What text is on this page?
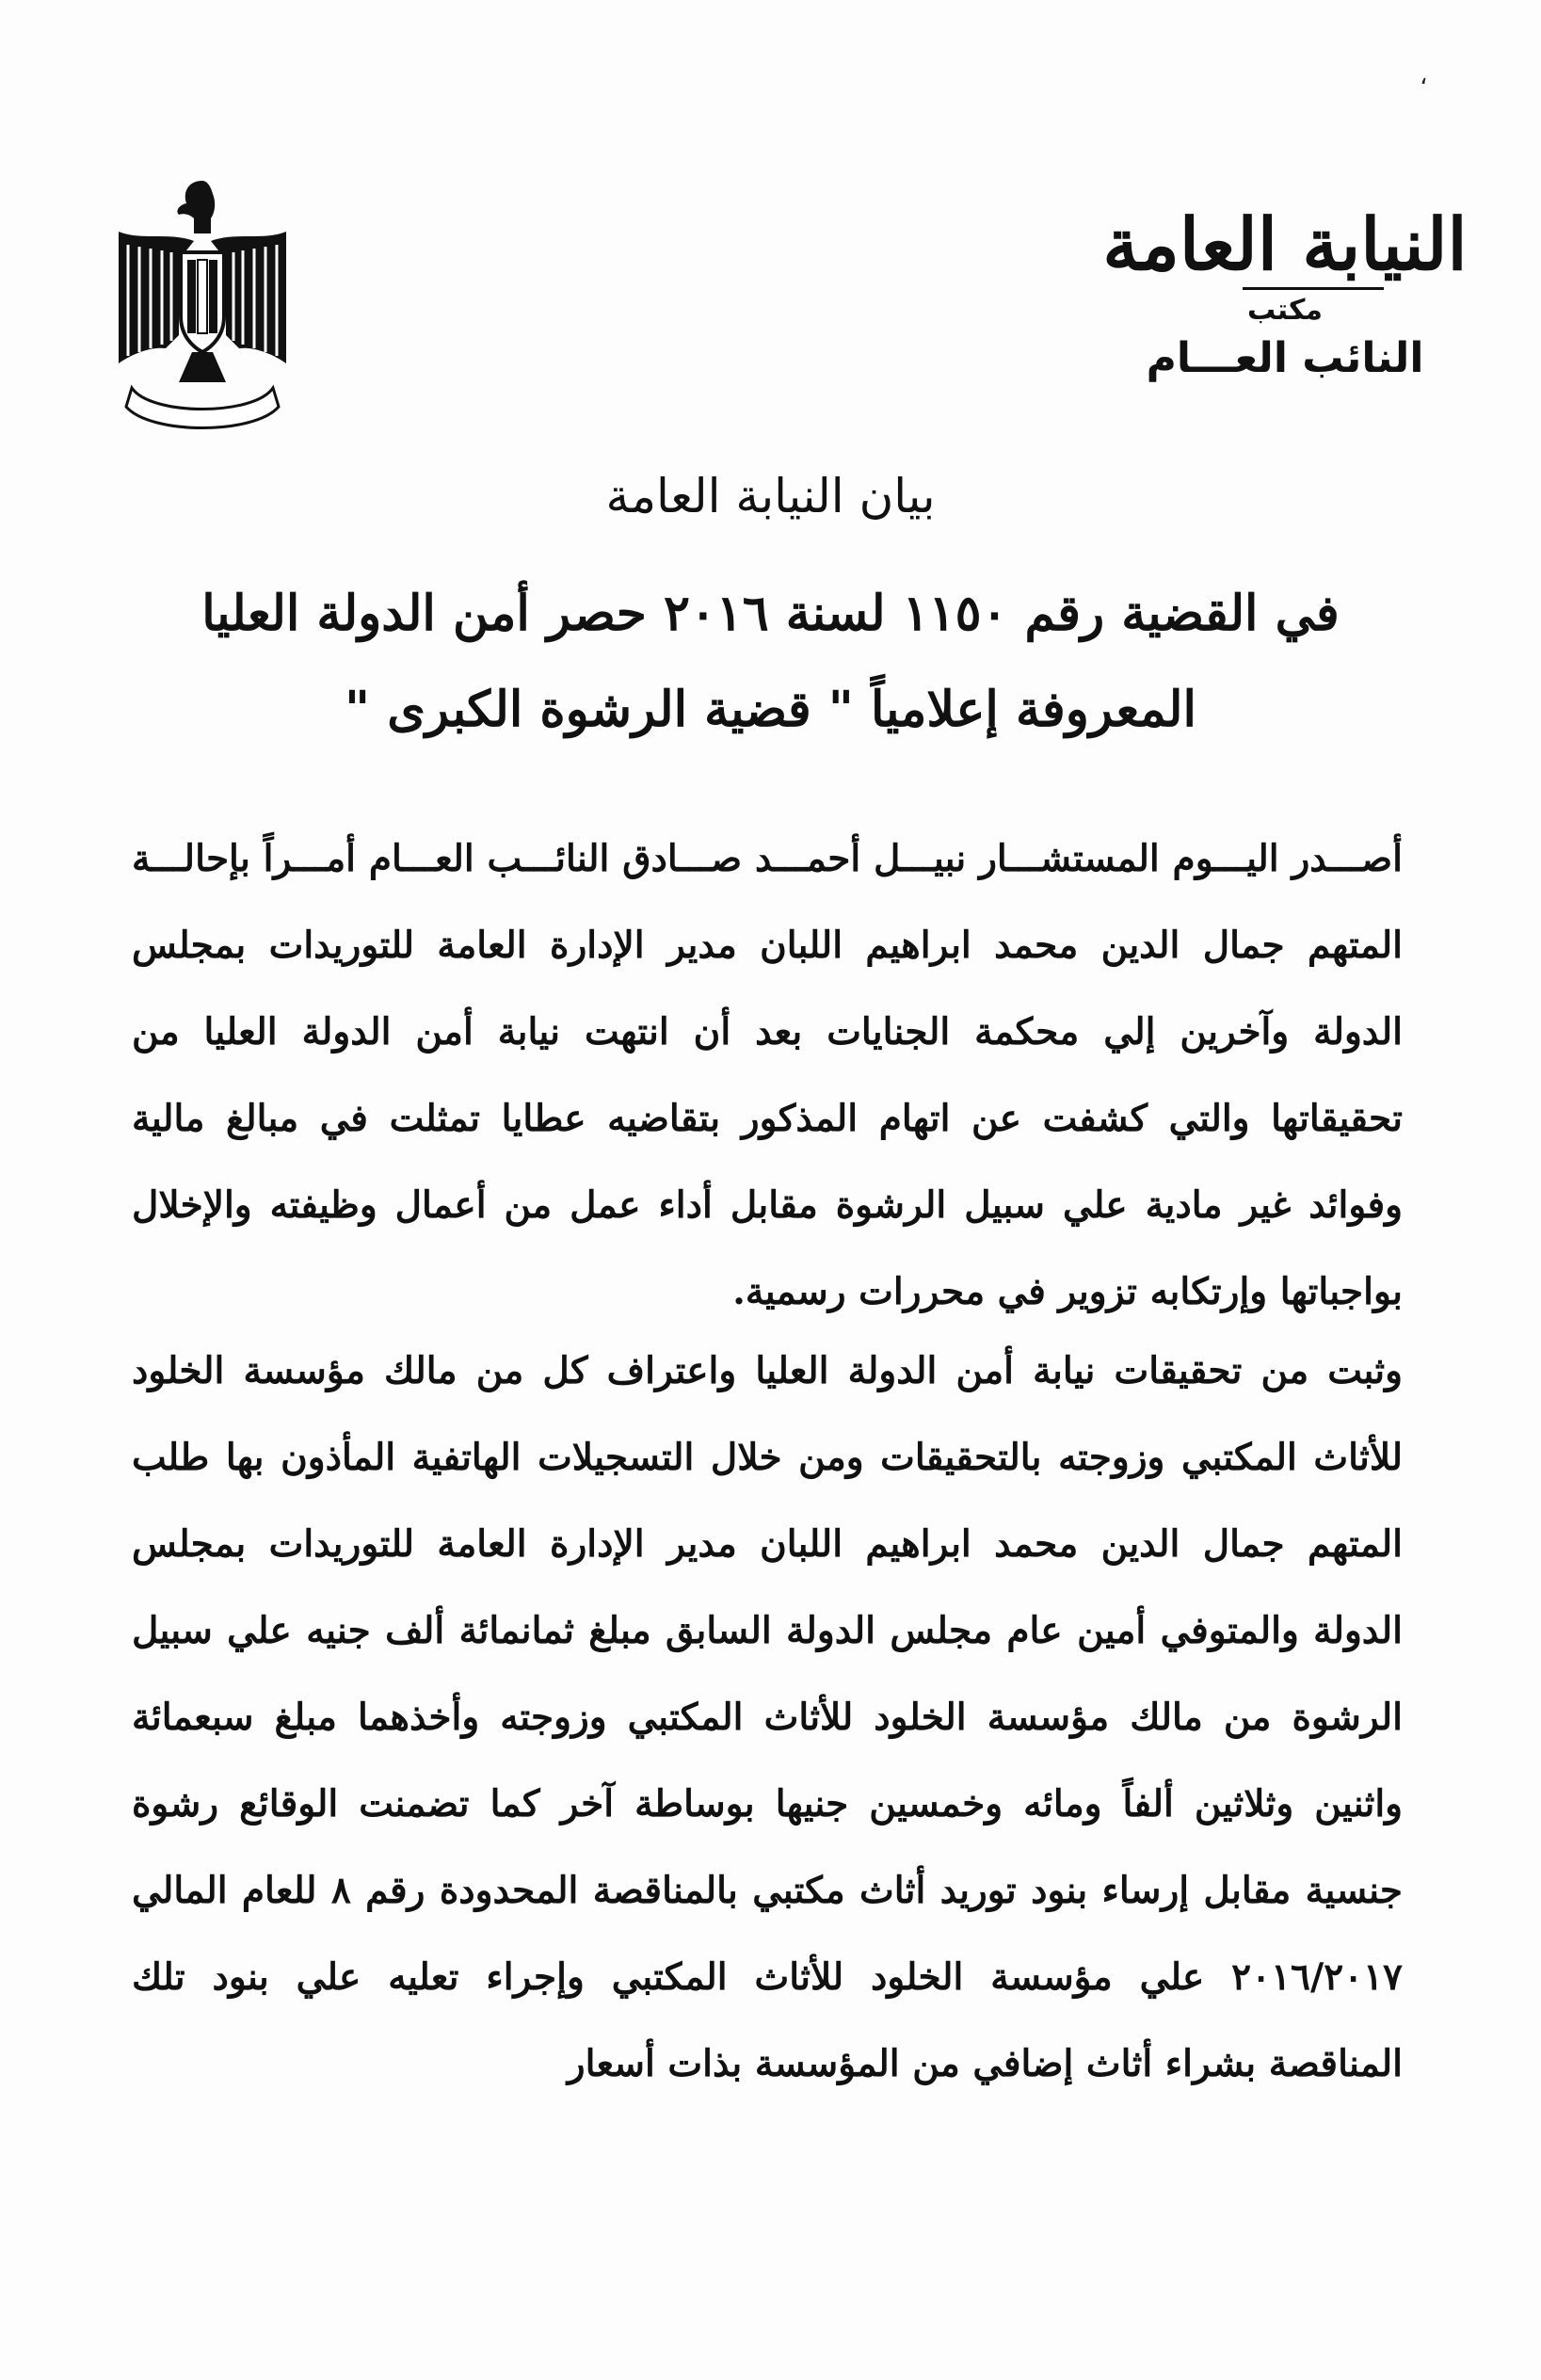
،
النيابة العامة
مكتب
النائب العـــام
بيان النيابة العامة
في القضية رقم ١١٥٠ لسنة ٢٠١٦ حصر أمن الدولة العليا
المعروفة إعلامياً " قضية الرشوة الكبرى "

أصـــدر اليـــوم المستشـــار نبيـــل أحمـــد صـــادق النائـــب العـــام أمـــراً بإحالـــة المتهم جمال الدين محمد ابراهيم اللبان مدير الإدارة العامة للتوريدات بمجلس الدولة وآخرين إلي محكمة الجنايات بعد أن انتهت نيابة أمن الدولة العليا من تحقيقاتها والتي كشفت عن اتهام المذكور بتقاضيه عطايا تمثلت في مبالغ مالية وفوائد غير مادية علي سبيل الرشوة مقابل أداء عمل من أعمال وظيفته والإخلال بواجباتها وإرتكابه تزوير في محررات رسمية.

وثبت من تحقيقات نيابة أمن الدولة العليا واعتراف كل من مالك مؤسسة الخلود للأثاث المكتبي وزوجته بالتحقيقات ومن خلال التسجيلات الهاتفية المأذون بها طلب المتهم جمال الدين محمد ابراهيم اللبان مدير الإدارة العامة للتوريدات بمجلس الدولة والمتوفي أمين عام مجلس الدولة السابق مبلغ ثمانمائة ألف جنيه علي سبيل الرشوة من مالك مؤسسة الخلود للأثاث المكتبي وزوجته وأخذهما مبلغ سبعمائة واثنين وثلاثين ألفاً ومائه وخمسين جنيها بوساطة آخر كما تضمنت الوقائع رشوة جنسية مقابل إرساء بنود توريد أثاث مكتبي بالمناقصة المحدودة رقم ٨ للعام المالي ٢٠١٦/٢٠١٧ علي مؤسسة الخلود للأثاث المكتبي وإجراء تعليه علي بنود تلك المناقصة بشراء أثاث إضافي من المؤسسة بذات أسعار
